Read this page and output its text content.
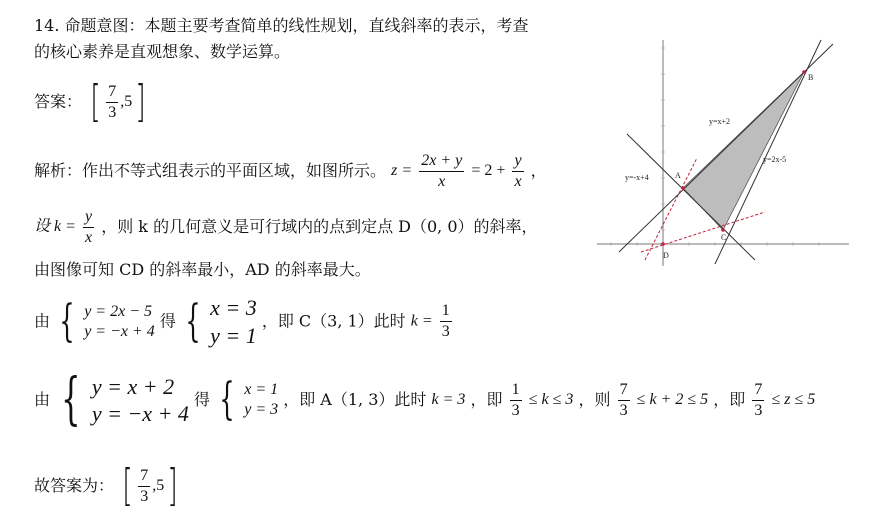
14. 命题意图：本题主要考查简单的线性规划，直线斜率的表示，考查
的核心素养是直观想象、数学运算。
答案： [ $\frac{7}{3} ,5$ ]
解析：作出不等式组表示的平面区域，如图所示。 $z = \frac{2x + y}{x} = 2 + \frac{y}{x}$ ，
设 $k = \frac{y}{x}$ ，则 k 的几何意义是可行域内的点到定点 D（0, 0）的斜率，
由图像可知 CD 的斜率最小，AD 的斜率最大。
由 { y = 2x − 5
y = −x + 4
得 { x = 3
y = 1
，即 C（3, 1）此时 $k = \frac{1}{3}$
由 { y = x + 2
y = −x + 4
得 { x = 1
y = 3
，即 A（1, 3）此时 k = 3 ，即 $\frac{1}{3} \le k \le 3$ ，则 $\frac{7}{3} \le k + 2 \le 5$ ，即 $\frac{7}{3} \le z \le 5$
故答案为： [ $\frac{7}{3} ,5$ ]
B
A
C
D
y=x+2
y=2x-5
y=-x+4
